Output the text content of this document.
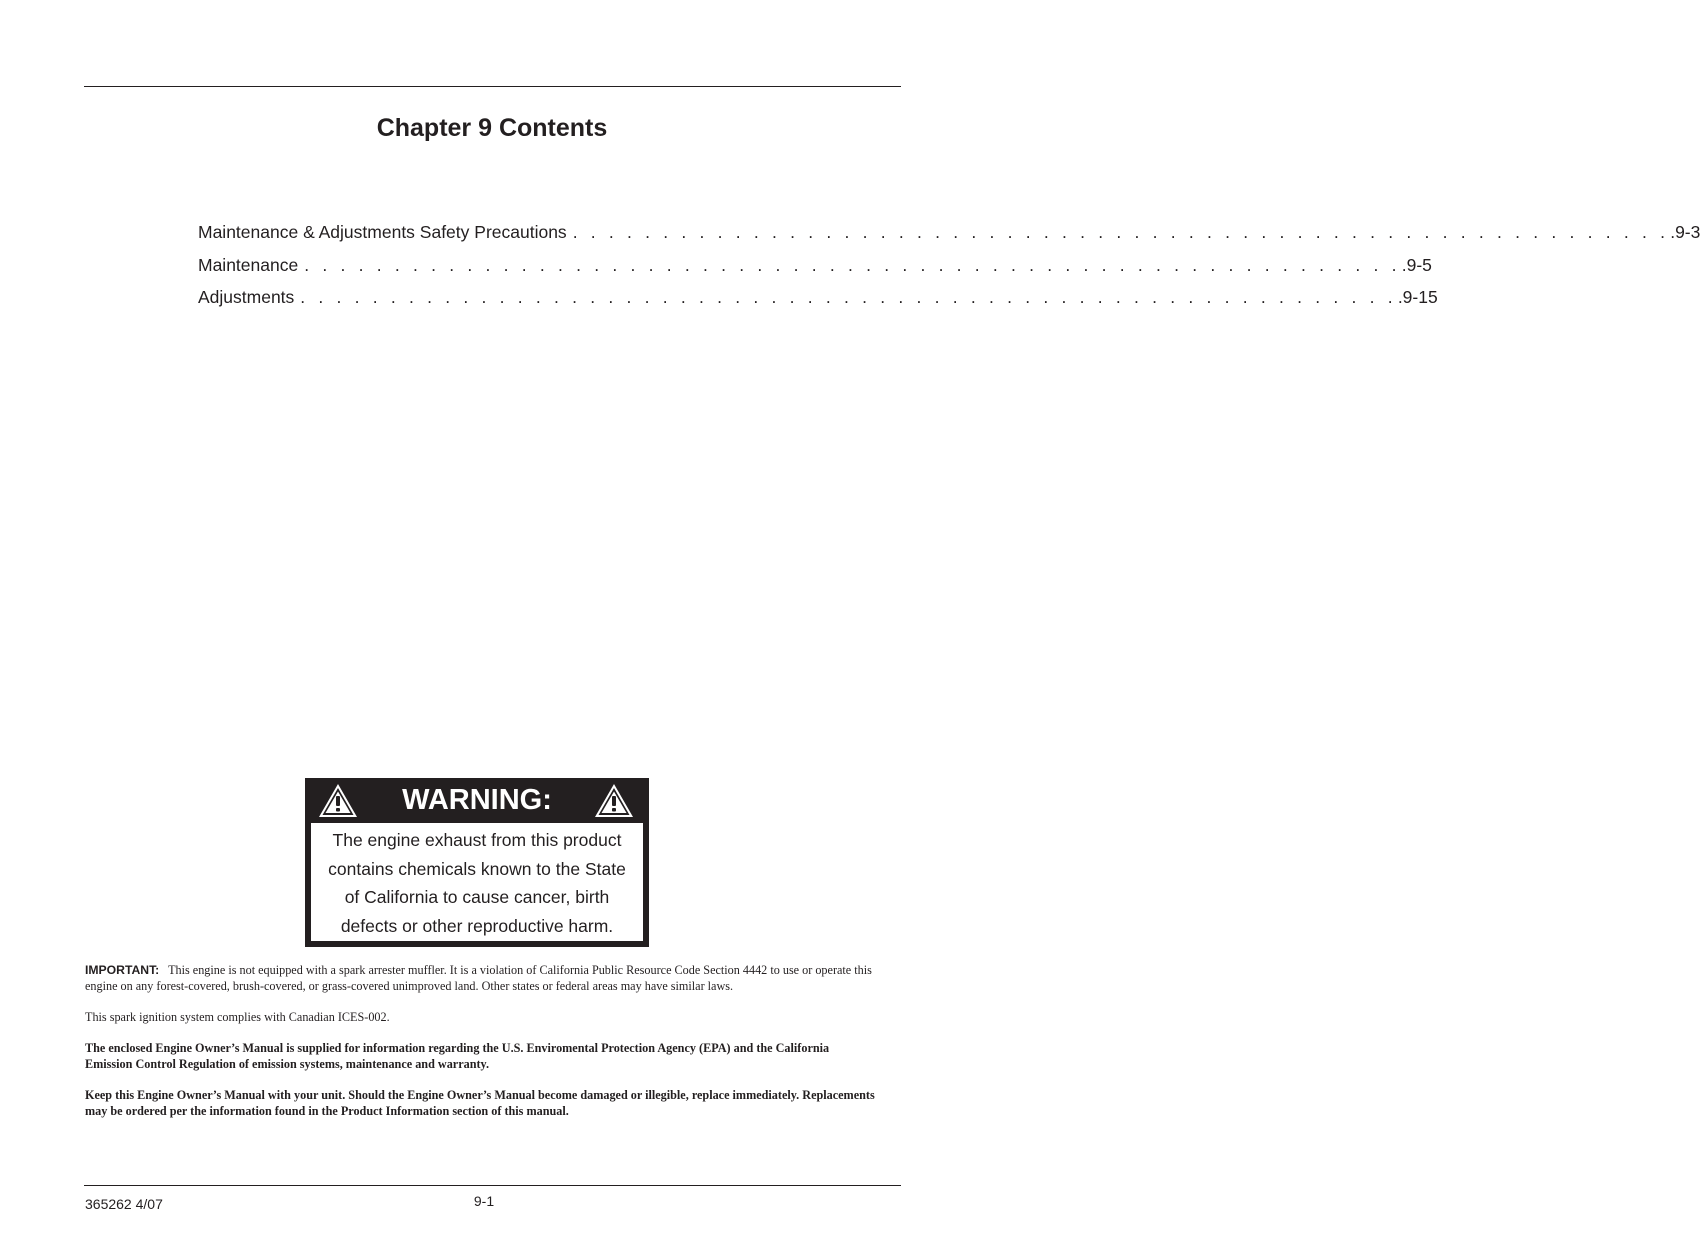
Chapter 9 Contents
Maintenance & Adjustments Safety Precautions . . . . . . . . . . . . . . . . . . . . . . . . . . . . . . . . . . . . . . . . . . . . . . . . . . . . . . . . . . . . . .9-3
Maintenance . . . . . . . . . . . . . . . . . . . . . . . . . . . . . . . . . . . . . . . . . . . . . . . . . . . . . . . . . . . . . .9-5
Adjustments . . . . . . . . . . . . . . . . . . . . . . . . . . . . . . . . . . . . . . . . . . . . . . . . . . . . . . . . . . . . . .9-15
WARNING:
The engine exhaust from this product
contains chemicals known to the State
of California to cause cancer, birth
defects or other reproductive harm.

IMPORTANT: This engine is not equipped with a spark arrester muffler. It is a violation of California Public Resource Code Section 4442 to use or operate this engine on any forest-covered, brush-covered, or grass-covered unimproved land. Other states or federal areas may have similar laws.

This spark ignition system complies with Canadian ICES-002.

The enclosed Engine Owner’s Manual is supplied for information regarding the U.S. Enviromental Protection Agency (EPA) and the California Emission Control Regulation of emission systems, maintenance and warranty.

Keep this Engine Owner’s Manual with your unit. Should the Engine Owner’s Manual become damaged or illegible, replace immediately. Replacements may be ordered per the information found in the Product Information section of this manual.

365262 4/07	9-1
